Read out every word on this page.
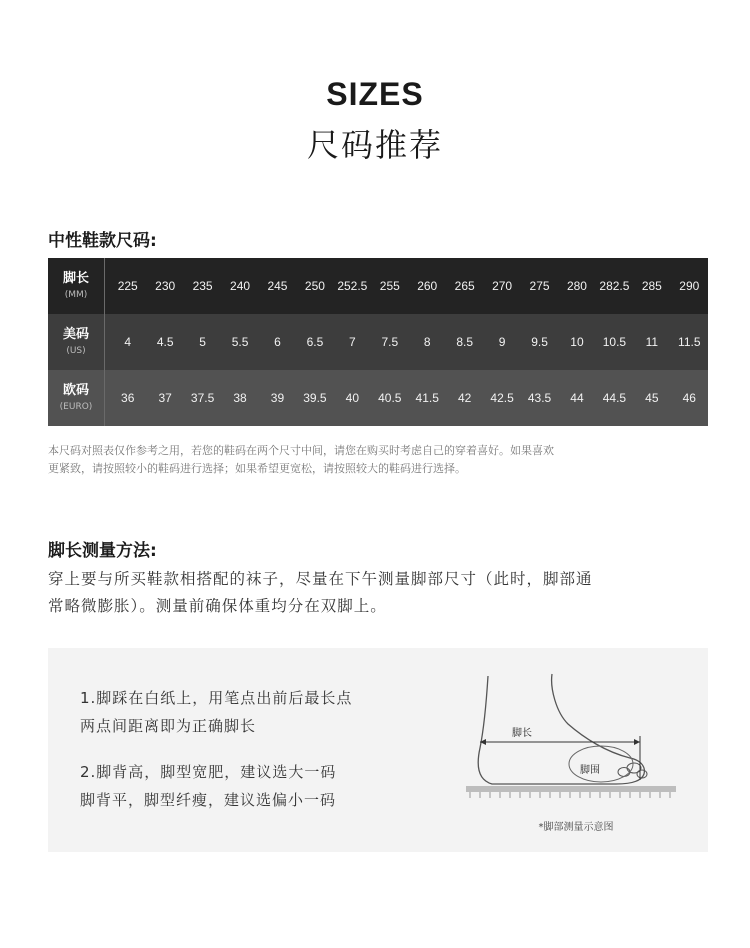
SIZES
尺码推荐
中性鞋款尺码:
脚长
(MM)
225	230	235	240	245	250	252.5	255	260	265	270	275	280	282.5	285	290
美码
(US)
4	4.5	5	5.5	6	6.5	7	7.5	8	8.5	9	9.5	10	10.5	11	11.5
欧码
(EURO)
36	37	37.5	38	39	39.5	40	40.5	41.5	42	42.5	43.5	44	44.5	45	46
本尺码对照表仅作参考之用，若您的鞋码在两个尺寸中间，请您在购买时考虑自己的穿着喜好。如果喜欢
更紧致，请按照较小的鞋码进行选择；如果希望更宽松，请按照较大的鞋码进行选择。
脚长测量方法:
穿上要与所买鞋款相搭配的袜子，尽量在下午测量脚部尺寸（此时，脚部通
常略微膨胀）。测量前确保体重均分在双脚上。
1.脚踩在白纸上，用笔点出前后最长点
两点间距离即为正确脚长
2.脚背高，脚型宽肥，建议选大一码
脚背平，脚型纤瘦，建议选偏小一码
脚长
脚围
*脚部测量示意图
